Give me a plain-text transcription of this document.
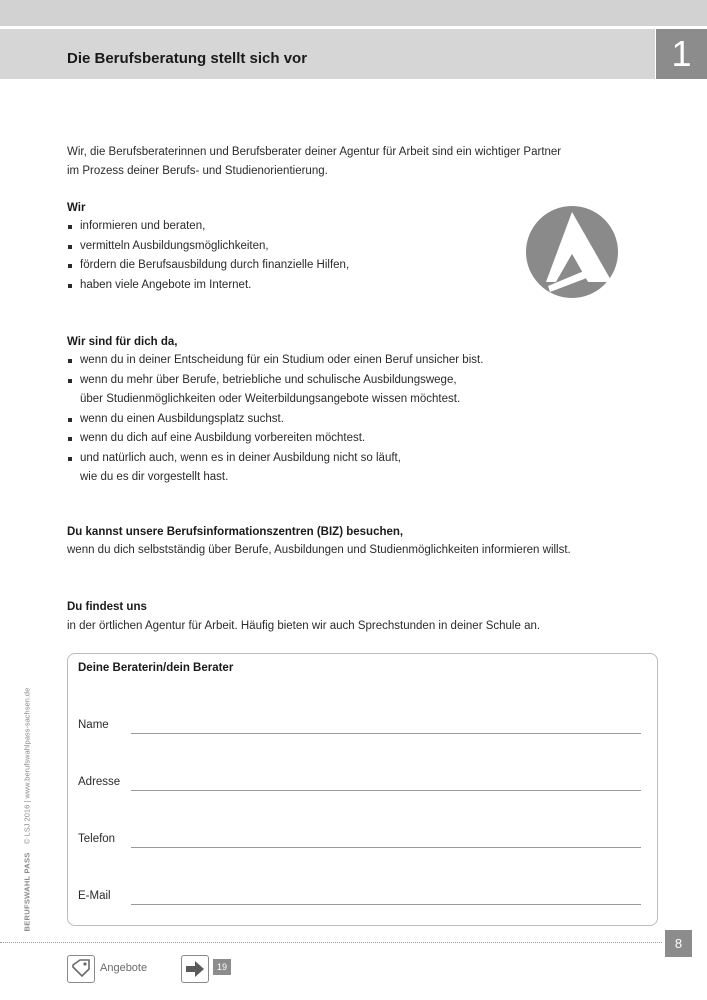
Die Berufsberatung stellt sich vor	1
Wir, die Berufsberaterinnen und Berufsberater deiner Agentur für Arbeit sind ein wichtiger Partner
im Prozess deiner Berufs- und Studienorientierung.
Wir
informieren und beraten,
vermitteln Ausbildungsmöglichkeiten,
fördern die Berufsausbildung durch finanzielle Hilfen,
haben viele Angebote im Internet.
Wir sind für dich da,
wenn du in deiner Entscheidung für ein Studium oder einen Beruf unsicher bist.
wenn du mehr über Berufe, betriebliche und schulische Ausbildungswege,
über Studienmöglichkeiten oder Weiterbildungsangebote wissen möchtest.
wenn du einen Ausbildungsplatz suchst.
wenn du dich auf eine Ausbildung vorbereiten möchtest.
und natürlich auch, wenn es in deiner Ausbildung nicht so läuft,
wie du es dir vorgestellt hast.
Du kannst unsere Berufsinformationszentren (BIZ) besuchen,
wenn du dich selbstständig über Berufe, Ausbildungen und Studienmöglichkeiten informieren willst.
Du findest uns
in der örtlichen Agentur für Arbeit. Häufig bieten wir auch Sprechstunden in deiner Schule an.
Deine Beraterin/dein Berater
Name
Adresse
Telefon
E-Mail
BERUFSWAHL PASS    © LSJ 2016 | www.berufswahlpass-sachsen.de
8
Angebote	19
